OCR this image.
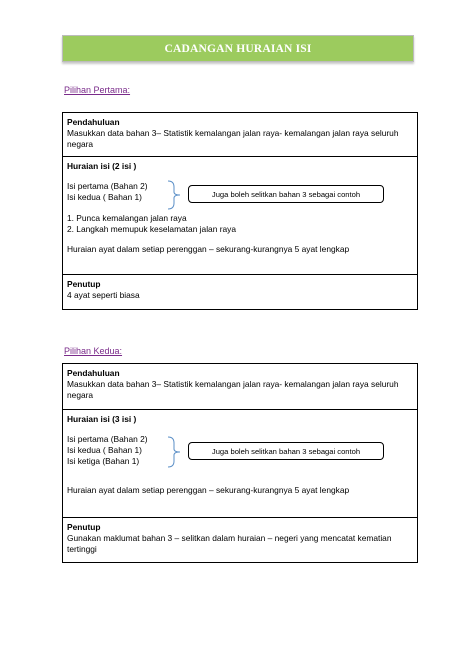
CADANGAN HURAIAN ISI
Pilihan Pertama:
Pendahuluan
Masukkan data bahan 3– Statistik kemalangan jalan raya- kemalangan jalan raya seluruh
negara
Huraian isi (2 isi )
Isi pertama (Bahan 2)
Isi kedua ( Bahan 1)
1. Punca kemalangan jalan raya
2. Langkah memupuk keselamatan jalan raya
Huraian ayat dalam setiap perenggan – sekurang-kurangnya 5 ayat lengkap
Juga boleh selitkan bahan 3 sebagai contoh
Penutup
4 ayat seperti biasa
Pilihan Kedua:
Pendahuluan
Masukkan data bahan 3– Statistik kemalangan jalan raya- kemalangan jalan raya seluruh
negara
Huraian isi (3 isi )
Isi pertama (Bahan 2)
Isi kedua ( Bahan 1)
Isi ketiga (Bahan 1)
Huraian ayat dalam setiap perenggan – sekurang-kurangnya 5 ayat lengkap
Juga boleh selitkan bahan 3 sebagai contoh
Penutup
Gunakan maklumat bahan 3 – selitkan dalam huraian – negeri yang mencatat kematian
tertinggi
